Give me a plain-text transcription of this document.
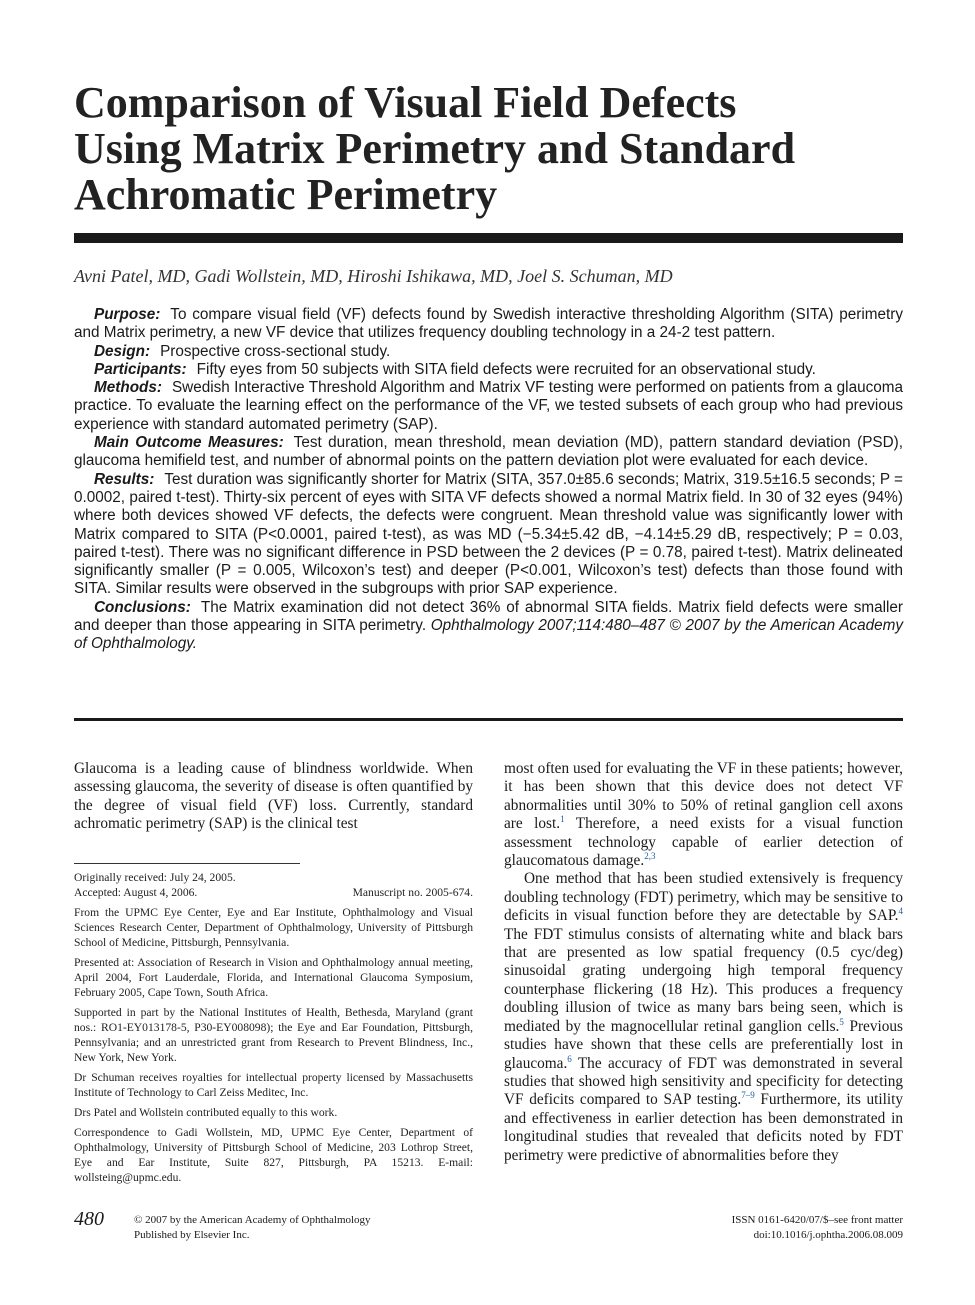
Comparison of Visual Field Defects
Using Matrix Perimetry and Standard
Achromatic Perimetry
Avni Patel, MD, Gadi Wollstein, MD, Hiroshi Ishikawa, MD, Joel S. Schuman, MD

Purpose: To compare visual field (VF) defects found by Swedish interactive thresholding Algorithm (SITA) perimetry and Matrix perimetry, a new VF device that utilizes frequency doubling technology in a 24-2 test pattern.

Design: Prospective cross-sectional study.

Participants: Fifty eyes from 50 subjects with SITA field defects were recruited for an observational study.

Methods: Swedish Interactive Threshold Algorithm and Matrix VF testing were performed on patients from a glaucoma practice. To evaluate the learning effect on the performance of the VF, we tested subsets of each group who had previous experience with standard automated perimetry (SAP).

Main Outcome Measures: Test duration, mean threshold, mean deviation (MD), pattern standard deviation (PSD), glaucoma hemifield test, and number of abnormal points on the pattern deviation plot were evaluated for each device.

Results: Test duration was significantly shorter for Matrix (SITA, 357.0±85.6 seconds; Matrix, 319.5±16.5 seconds; P = 0.0002, paired t-test). Thirty-six percent of eyes with SITA VF defects showed a normal Matrix field. In 30 of 32 eyes (94%) where both devices showed VF defects, the defects were congruent. Mean threshold value was significantly lower with Matrix compared to SITA (P<0.0001, paired t-test), as was MD (−5.34±5.42 dB, −4.14±5.29 dB, respectively; P = 0.03, paired t-test). There was no significant difference in PSD between the 2 devices (P = 0.78, paired t-test). Matrix delineated significantly smaller (P = 0.005, Wilcoxon’s test) and deeper (P<0.001, Wilcoxon’s test) defects than those found with SITA. Similar results were observed in the subgroups with prior SAP experience.

Conclusions: The Matrix examination did not detect 36% of abnormal SITA fields. Matrix field defects were smaller and deeper than those appearing in SITA perimetry. Ophthalmology 2007;114:480–487 © 2007 by the American Academy of Ophthalmology.

Glaucoma is a leading cause of blindness worldwide. When assessing glaucoma, the severity of disease is often quantified by the degree of visual field (VF) loss. Currently, standard achromatic perimetry (SAP) is the clinical test

Originally received: July 24, 2005.

Accepted: August 4, 2006.	Manuscript no. 2005-674.

From the UPMC Eye Center, Eye and Ear Institute, Ophthalmology and Visual Sciences Research Center, Department of Ophthalmology, University of Pittsburgh School of Medicine, Pittsburgh, Pennsylvania.

Presented at: Association of Research in Vision and Ophthalmology annual meeting, April 2004, Fort Lauderdale, Florida, and International Glaucoma Symposium, February 2005, Cape Town, South Africa.

Supported in part by the National Institutes of Health, Bethesda, Maryland (grant nos.: RO1-EY013178-5, P30-EY008098); the Eye and Ear Foundation, Pittsburgh, Pennsylvania; and an unrestricted grant from Research to Prevent Blindness, Inc., New York, New York.

Dr Schuman receives royalties for intellectual property licensed by Massachusetts Institute of Technology to Carl Zeiss Meditec, Inc.

Drs Patel and Wollstein contributed equally to this work.

Correspondence to Gadi Wollstein, MD, UPMC Eye Center, Department of Ophthalmology, University of Pittsburgh School of Medicine, 203 Lothrop Street, Eye and Ear Institute, Suite 827, Pittsburgh, PA 15213. E-mail: wollsteing@upmc.edu.

most often used for evaluating the VF in these patients; however, it has been shown that this device does not detect VF abnormalities until 30% to 50% of retinal ganglion cell axons are lost.$^1$ Therefore, a need exists for a visual function assessment technology capable of earlier detection of glaucomatous damage.$^{2,3}$

One method that has been studied extensively is frequency doubling technology (FDT) perimetry, which may be sensitive to deficits in visual function before they are detectable by SAP.$^4$ The FDT stimulus consists of alternating white and black bars that are presented as low spatial frequency (0.5 cyc/deg) sinusoidal grating undergoing high temporal frequency counterphase flickering (18 Hz). This produces a frequency doubling illusion of twice as many bars being seen, which is mediated by the magnocellular retinal ganglion cells.$^5$ Previous studies have shown that these cells are preferentially lost in glaucoma.$^6$ The accuracy of FDT was demonstrated in several studies that showed high sensitivity and specificity for detecting VF deficits compared to SAP testing.$^{7-9}$ Furthermore, its utility and effectiveness in earlier detection has been demonstrated in longitudinal studies that revealed that deficits noted by FDT perimetry were predictive of abnormalities before they

480	© 2007 by the American Academy of Ophthalmology
Published by Elsevier Inc.
ISSN 0161-6420/07/$–see front matter
doi:10.1016/j.ophtha.2006.08.009
